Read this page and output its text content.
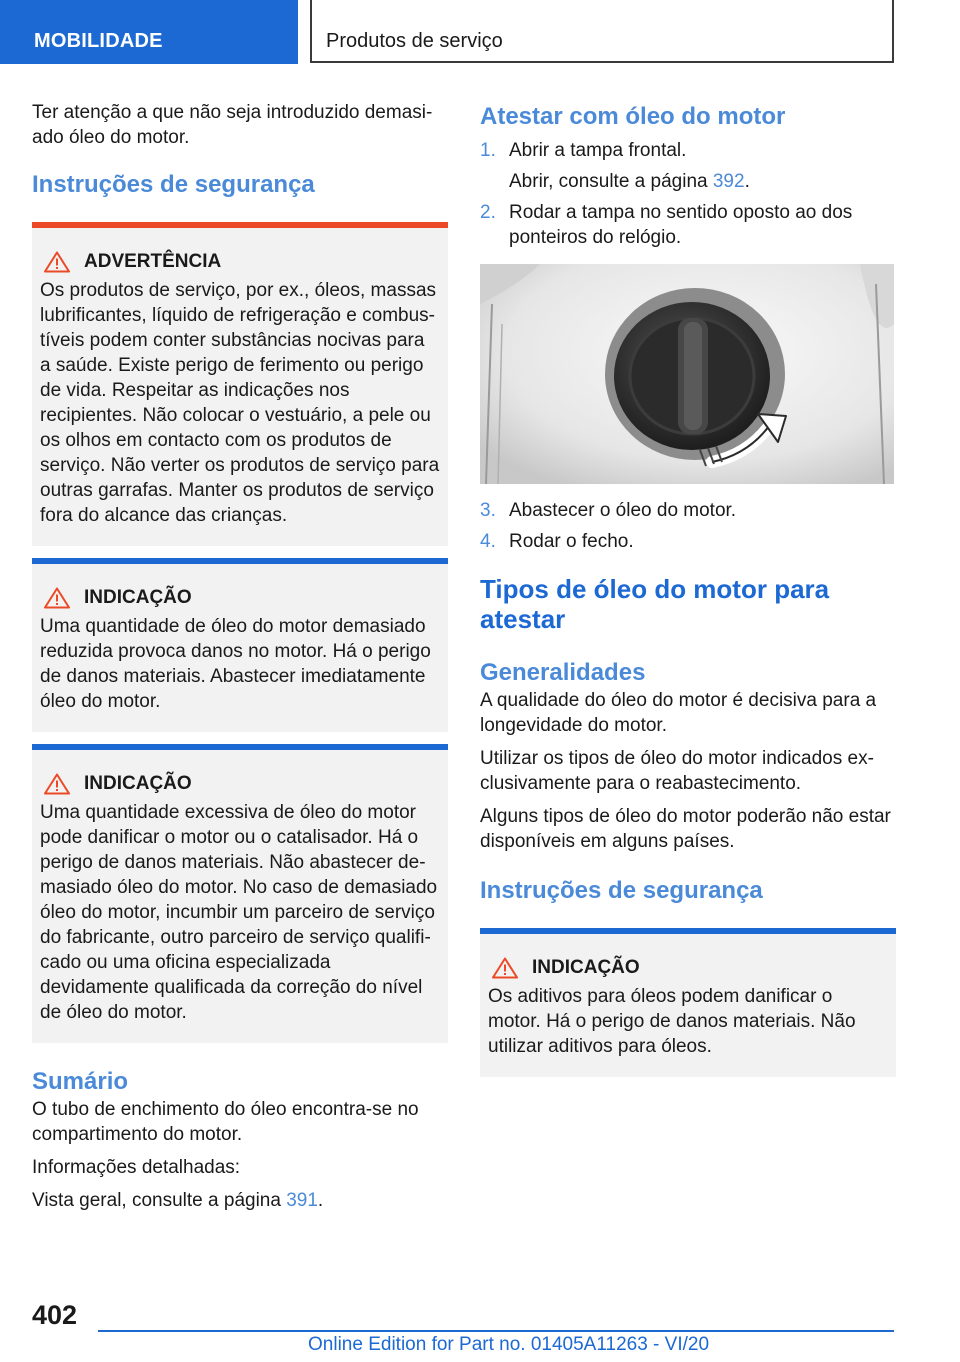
MOBILIDADE	Produtos de serviço

Ter atenção a que não seja introduzido demasiado óleo do motor.

Instruções de segurança
ADVERTÊNCIA

Os produtos de serviço, por ex., óleos, massas lubrificantes, líquido de refrigeração e combustíveis podem conter substâncias nocivas para a saúde. Existe perigo de ferimento ou perigo de vida. Respeitar as indicações nos recipientes. Não colocar o vestuário, a pele ou os olhos em contacto com os produtos de serviço. Não verter os produtos de serviço para outras garrafas. Manter os produtos de serviço fora do alcance das crianças.

INDICAÇÃO

Uma quantidade de óleo do motor demasiado reduzida provoca danos no motor. Há o perigo de danos materiais. Abastecer imediatamente óleo do motor.

INDICAÇÃO

Uma quantidade excessiva de óleo do motor pode danificar o motor ou o catalisador. Há o perigo de danos materiais. Não abastecer demasiado óleo do motor. No caso de demasiado óleo do motor, incumbir um parceiro de serviço do fabricante, outro parceiro de serviço qualificado ou uma oficina especializada devidamente qualificada da correção do nível de óleo do motor.

Sumário

O tubo de enchimento do óleo encontra-se no compartimento do motor.

Informações detalhadas:

Vista geral, consulte a página 391.

Atestar com óleo do motor
1. Abrir a tampa frontal.
Abrir, consulte a página 392.
2. Rodar a tampa no sentido oposto ao dos ponteiros do relógio.
3. Abastecer o óleo do motor.
4. Rodar o fecho.
Tipos de óleo do motor para atestar
Generalidades

A qualidade do óleo do motor é decisiva para a longevidade do motor.

Utilizar os tipos de óleo do motor indicados exclusivamente para o reabastecimento.

Alguns tipos de óleo do motor poderão não estar disponíveis em alguns países.

Instruções de segurança
INDICAÇÃO

Os aditivos para óleos podem danificar o motor. Há o perigo de danos materiais. Não utilizar aditivos para óleos.

402
Online Edition for Part no. 01405A11263 - VI/20
